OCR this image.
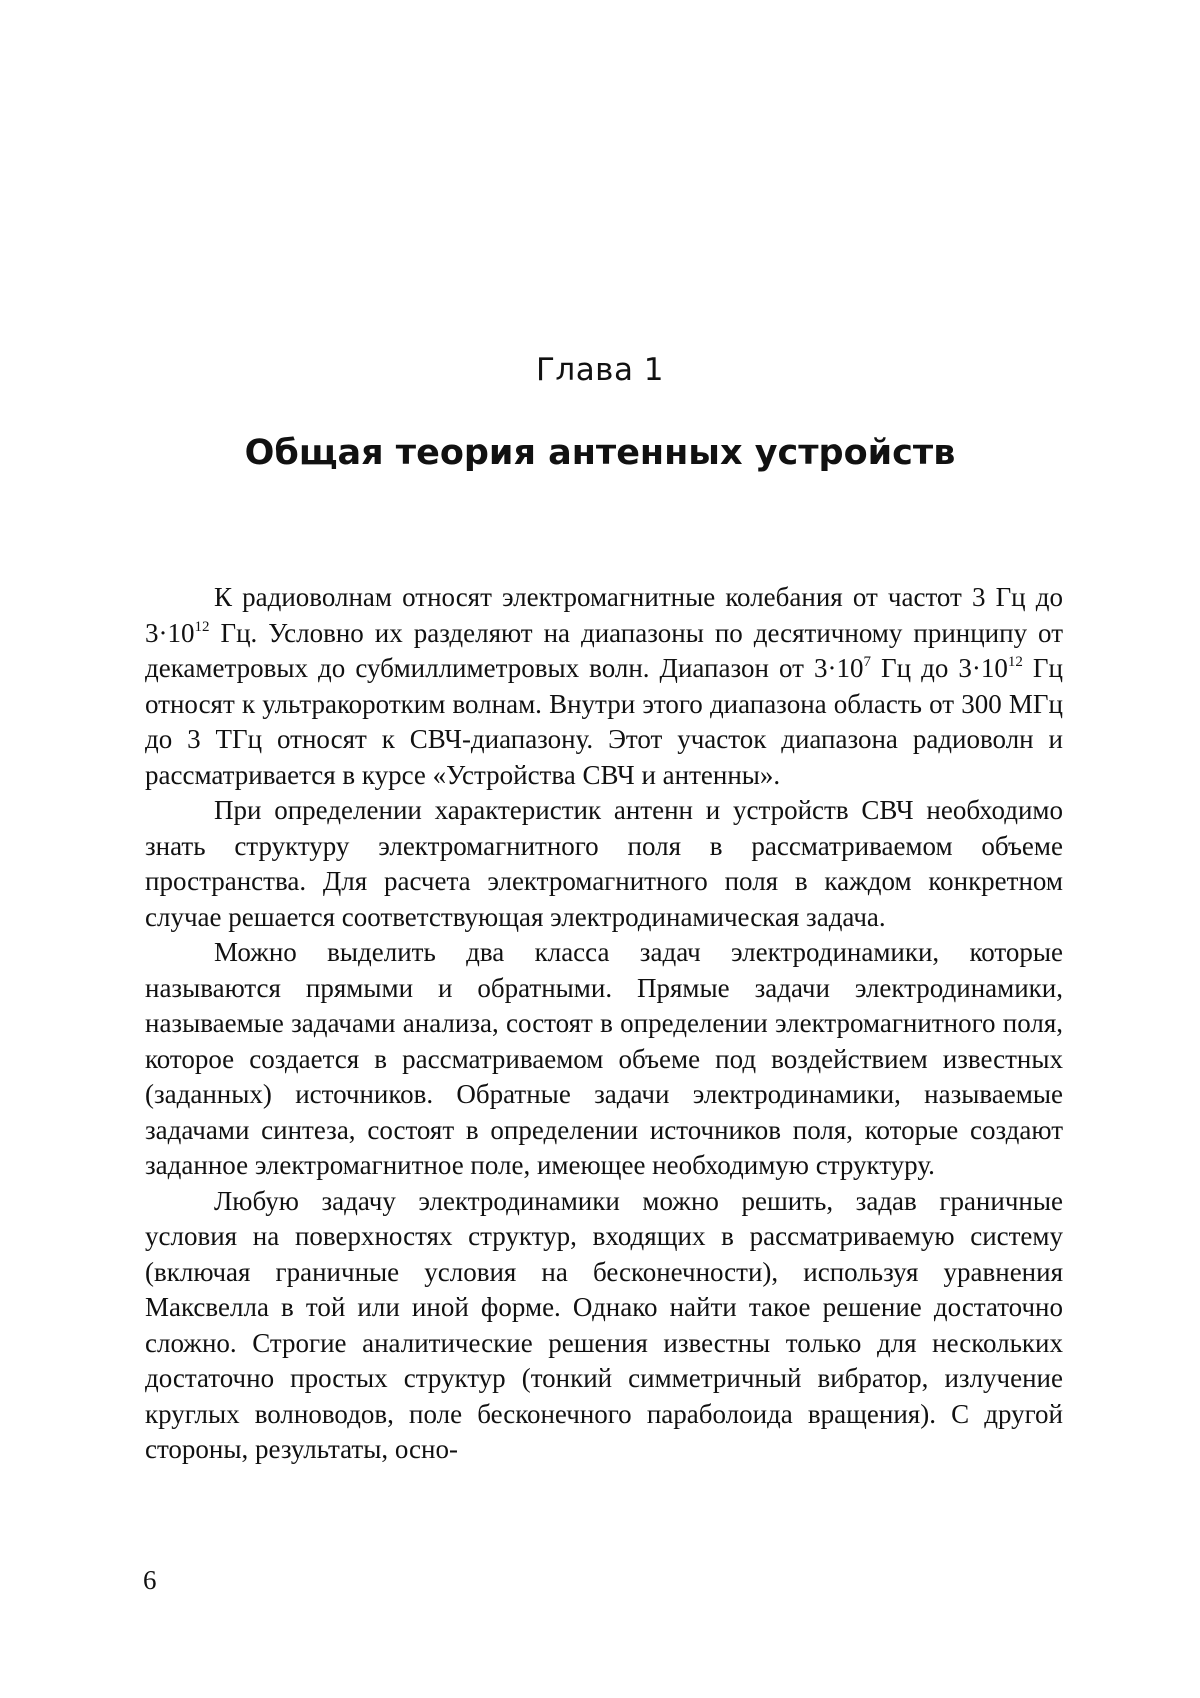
Глава 1
Общая теория антенных устройств

К радиоволнам относят электромагнитные колебания от частот 3 Гц до $3\cdot 10^{12}$ Гц. Условно их разделяют на диапазоны по десятичному принципу от декаметровых до субмиллиметровых волн. Диапазон от $3\cdot 10^7$ Гц до $3\cdot 10^{12}$ Гц относят к ультракоротким волнам. Внутри этого диапазона область от 300 МГц до 3 ТГц относят к СВЧ-диапазону. Этот участок диапазона радиоволн и рассматривается в курсе «Устройства СВЧ и антенны».

При определении характеристик антенн и устройств СВЧ необходимо знать структуру электромагнитного поля в рассматриваемом объеме пространства. Для расчета электромагнитного поля в каждом конкретном случае решается соответствующая электродинамическая задача.

Можно выделить два класса задач электродинамики, которые называются прямыми и обратными. Прямые задачи электродинамики, называемые задачами анализа, состоят в определении электромагнитного поля, которое создается в рассматриваемом объеме под воздействием известных (заданных) источников. Обратные задачи электродинамики, называемые задачами синтеза, состоят в определении источников поля, которые создают заданное электромагнитное поле, имеющее необходимую структуру.

Любую задачу электродинамики можно решить, задав граничные условия на поверхностях структур, входящих в рассматриваемую систему (включая граничные условия на бесконечности), используя уравнения Максвелла в той или иной форме. Однако найти такое решение достаточно сложно. Строгие аналитические решения известны только для нескольких достаточно простых структур (тонкий симметричный вибратор, излучение круглых волноводов, поле бесконечного параболоида вращения). С другой стороны, результаты, осно-

6
